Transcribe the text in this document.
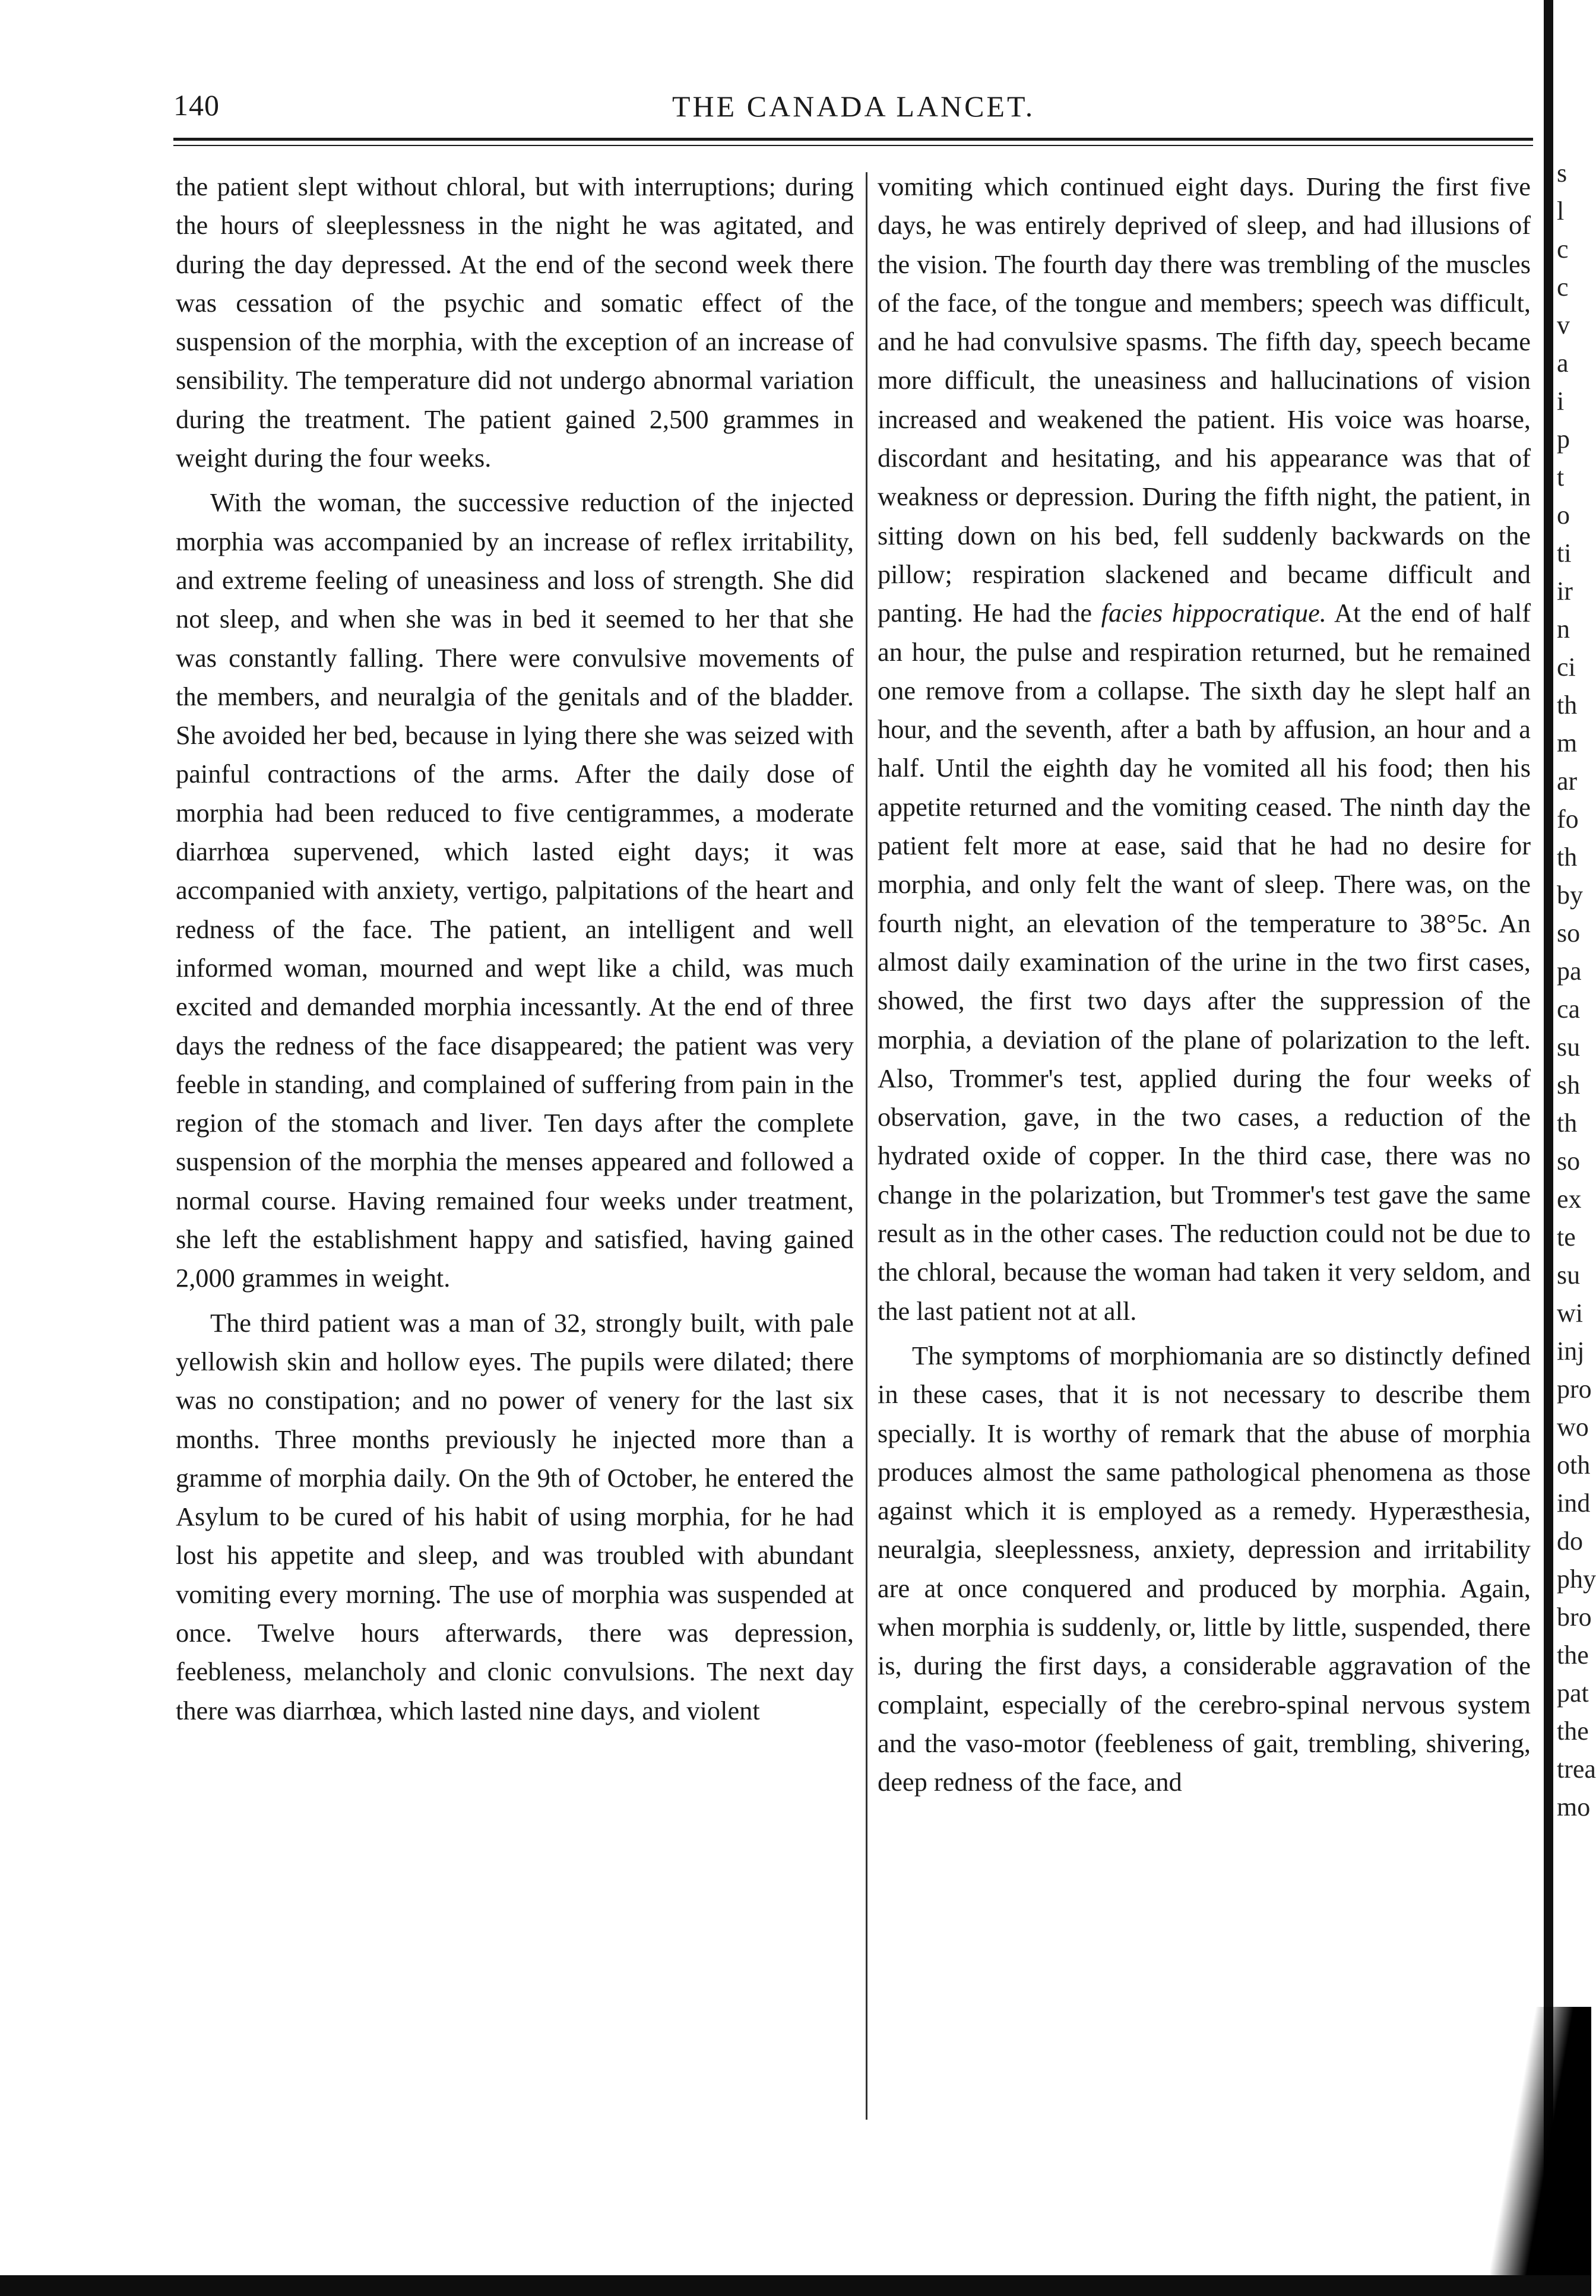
140	THE CANADA LANCET.

the patient slept without chloral, but with interruptions; during the hours of sleeplessness in the night he was agitated, and during the day depressed. At the end of the second week there was cessation of the psychic and somatic effect of the suspension of the morphia, with the exception of an increase of sensibility. The temperature did not undergo abnormal variation during the treatment. The patient gained 2,500 grammes in weight during the four weeks.

With the woman, the successive reduction of the injected morphia was accompanied by an increase of reflex irritability, and extreme feeling of uneasiness and loss of strength. She did not sleep, and when she was in bed it seemed to her that she was constantly falling. There were convulsive movements of the members, and neuralgia of the genitals and of the bladder. She avoided her bed, because in lying there she was seized with painful contractions of the arms. After the daily dose of morphia had been reduced to five centigrammes, a moderate diarrhœa supervened, which lasted eight days; it was accompanied with anxiety, vertigo, palpitations of the heart and redness of the face. The patient, an intelligent and well informed woman, mourned and wept like a child, was much excited and demanded morphia incessantly. At the end of three days the redness of the face disappeared; the patient was very feeble in standing, and complained of suffering from pain in the region of the stomach and liver. Ten days after the complete suspension of the morphia the menses appeared and followed a normal course. Having remained four weeks under treatment, she left the establishment happy and satisfied, having gained 2,000 grammes in weight.

The third patient was a man of 32, strongly built, with pale yellowish skin and hollow eyes. The pupils were dilated; there was no constipation; and no power of venery for the last six months. Three months previously he injected more than a gramme of morphia daily. On the 9th of October, he entered the Asylum to be cured of his habit of using morphia, for he had lost his appetite and sleep, and was troubled with abundant vomiting every morning. The use of morphia was suspended at once. Twelve hours afterwards, there was depression, feebleness, melancholy and clonic convulsions. The next day there was diarrhœa, which lasted nine days, and violent

vomiting which continued eight days. During the first five days, he was entirely deprived of sleep, and had illusions of the vision. The fourth day there was trembling of the muscles of the face, of the tongue and members; speech was difficult, and he had convulsive spasms. The fifth day, speech became more difficult, the uneasiness and hallucinations of vision increased and weakened the patient. His voice was hoarse, discordant and hesitating, and his appearance was that of weakness or depression. During the fifth night, the patient, in sitting down on his bed, fell suddenly backwards on the pillow; respiration slackened and became difficult and panting. He had the facies hippocratique. At the end of half an hour, the pulse and respiration returned, but he remained one remove from a collapse. The sixth day he slept half an hour, and the seventh, after a bath by affusion, an hour and a half. Until the eighth day he vomited all his food; then his appetite returned and the vomiting ceased. The ninth day the patient felt more at ease, said that he had no desire for morphia, and only felt the want of sleep. There was, on the fourth night, an elevation of the temperature to 38°5c. An almost daily examination of the urine in the two first cases, showed, the first two days after the suppression of the morphia, a deviation of the plane of polarization to the left. Also, Trommer's test, applied during the four weeks of observation, gave, in the two cases, a reduction of the hydrated oxide of copper. In the third case, there was no change in the polarization, but Trommer's test gave the same result as in the other cases. The reduction could not be due to the chloral, because the woman had taken it very seldom, and the last patient not at all.

The symptoms of morphiomania are so distinctly defined in these cases, that it is not necessary to describe them specially. It is worthy of remark that the abuse of morphia produces almost the same pathological phenomena as those against which it is employed as a remedy. Hyperæsthesia, neuralgia, sleeplessness, anxiety, depression and irritability are at once conquered and produced by morphia. Again, when morphia is suddenly, or, little by little, suspended, there is, during the first days, a considerable aggravation of the complaint, especially of the cerebro-spinal nervous system and the vaso-motor (feebleness of gait, trembling, shivering, deep redness of the face, and

s
l
c
c
v
a
i
p
t
o
ti
ir
n
ci
th
m
ar
fo
th
by
so
pa
ca
su
sh
th
so
ex
te
su
wi
inj
pro
wo
oth
ind
do
phy
bro
the
pat
the
trea
mo
